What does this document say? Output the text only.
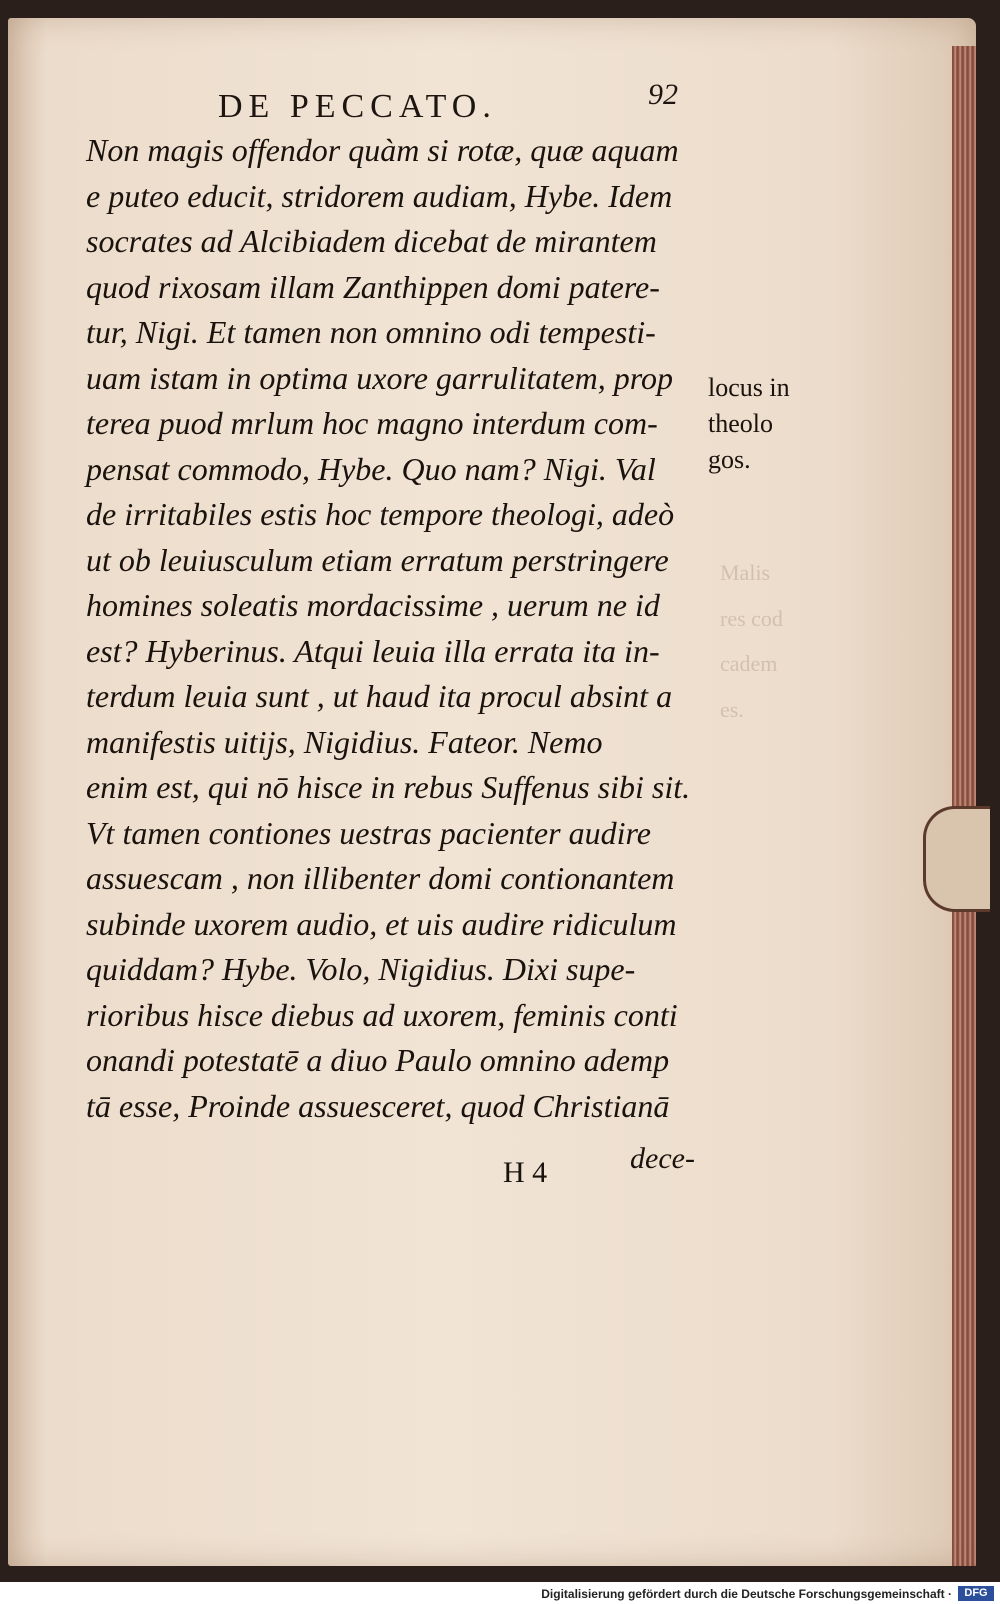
DE PECCATO.	92
Non magis offendor quàm si rotæ, quæ aquam
e puteo educit, stridorem audiam, Hybe. Idem
socrates ad Alcibiadem dicebat de mirantem
quod rixosam illam Zanthippen domi patere-
tur, Nigi. Et tamen non omnino odi tempesti-
uam istam in optima uxore garrulitatem, prop
terea puod mrlum hoc magno interdum com-
pensat commodo, Hybe. Quo nam? Nigi. Val
de irritabiles estis hoc tempore theologi, adeò
ut ob leuiusculum etiam erratum perstringere
homines soleatis mordacissime , uerum ne id
est? Hyberinus. Atqui leuia illa errata ita in-
terdum leuia sunt , ut haud ita procul absint a
manifestis uitijs, Nigidius. Fateor. Nemo
enim est, qui nō hisce in rebus Suffenus sibi sit.
Vt tamen contiones uestras pacienter audire
assuescam , non illibenter domi contionantem
subinde uxorem audio, et uis audire ridiculum
quiddam? Hybe. Volo, Nigidius. Dixi supe-
rioribus hisce diebus ad uxorem, feminis conti
onandi potestatē a diuo Paulo omnino ademp
tā esse, Proinde assuesceret, quod Christianā
locus in
theolo
gos.
Malis
res cod
cadem
es.
H 4	dece-
Digitalisierung gefördert durch die Deutsche Forschungsgemeinschaft ·	DFG
